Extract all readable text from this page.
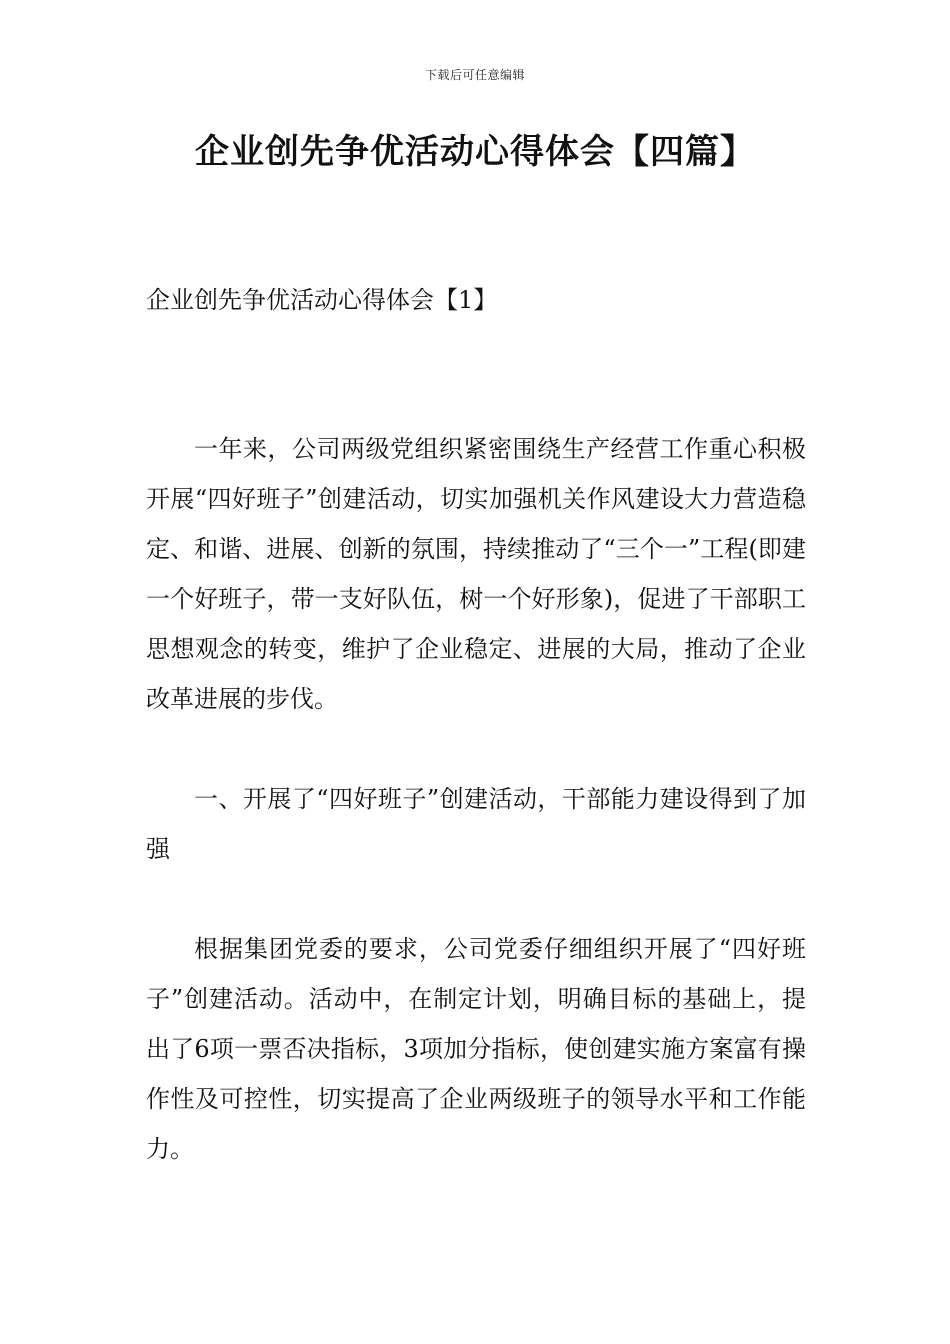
下载后可任意编辑
企业创先争优活动心得体会【四篇】
企业创先争优活动心得体会【1】

一年来，公司两级党组织紧密围绕生产经营工作重心积极开展“四好班子”创建活动，切实加强机关作风建设大力营造稳定、和谐、进展、创新的氛围，持续推动了“三个一”工程(即建一个好班子，带一支好队伍，树一个好形象)，促进了干部职工思想观念的转变，维护了企业稳定、进展的大局，推动了企业改革进展的步伐。

一、开展了“四好班子”创建活动，干部能力建设得到了加强

根据集团党委的要求，公司党委仔细组织开展了“四好班子”创建活动。活动中，在制定计划，明确目标的基础上，提出了6项一票否决指标，3项加分指标，使创建实施方案富有操作性及可控性，切实提高了企业两级班子的领导水平和工作能力。
